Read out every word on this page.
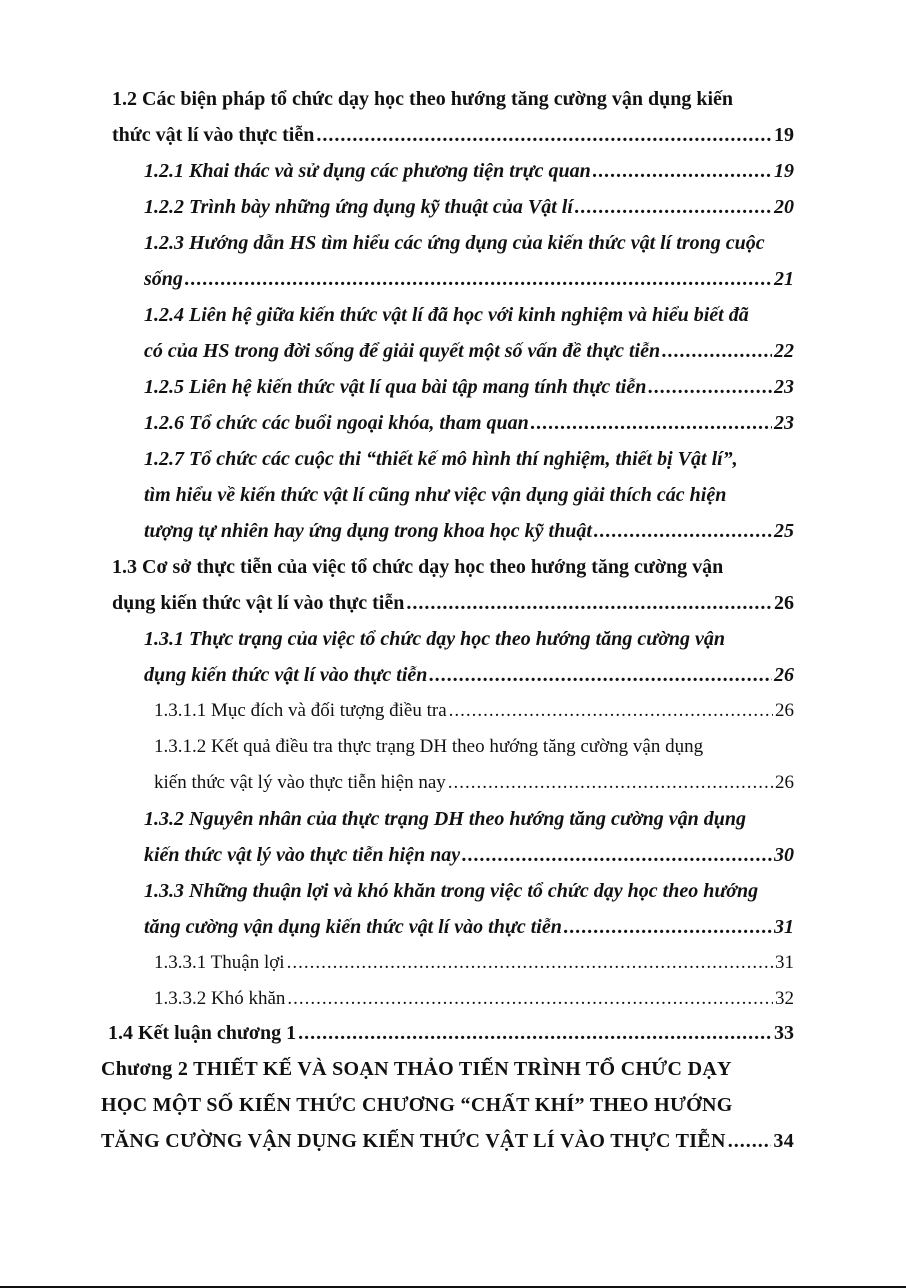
1.2 Các biện pháp tổ chức dạy học theo hướng tăng cường vận dụng kiến
thức vật lí vào thực tiễn .....	19
1.2.1 Khai thác và sử dụng các phương tiện trực quan .....	19
1.2.2 Trình bày những ứng dụng kỹ thuật của Vật lí .....	20
1.2.3 Hướng dẫn HS tìm hiểu các ứng dụng của kiến thức vật lí trong cuộc
sống .....	21
1.2.4 Liên hệ giữa kiến thức vật lí đã học với kinh nghiệm và hiểu biết đã
có của HS trong đời sống để giải quyết một số vấn đề thực tiễn .....	22
1.2.5 Liên hệ kiến thức vật lí qua bài tập mang tính thực tiễn .....	23
1.2.6 Tổ chức các buổi ngoại khóa, tham quan .....	23
1.2.7 Tổ chức các cuộc thi “thiết kế mô hình thí nghiệm, thiết bị Vật lí”,
tìm hiểu về kiến thức vật lí cũng như việc vận dụng giải thích các hiện
tượng tự nhiên hay ứng dụng trong khoa học kỹ thuật .....	25
1.3 Cơ sở thực tiễn của việc tổ chức dạy học theo hướng tăng cường vận
dụng kiến thức vật lí vào thực tiễn .....	26
1.3.1 Thực trạng của việc tổ chức dạy học theo hướng tăng cường vận
dụng kiến thức vật lí vào thực tiễn .....	26
1.3.1.1 Mục đích và đối tượng điều tra .....	26
1.3.1.2 Kết quả điều tra thực trạng DH theo hướng tăng cường vận dụng
kiến thức vật lý vào thực tiễn hiện nay .....	26
1.3.2 Nguyên nhân của thực trạng DH theo hướng tăng cường vận dụng
kiến thức vật lý vào thực tiễn hiện nay .....	30
1.3.3 Những thuận lợi và khó khăn trong việc tổ chức dạy học theo hướng
tăng cường vận dụng kiến thức vật lí vào thực tiễn .....	31
1.3.3.1 Thuận lợi .....	31
1.3.3.2 Khó khăn .....	32
1.4 Kết luận chương 1 .....	33
Chương 2 THIẾT KẾ VÀ SOẠN THẢO TIẾN TRÌNH TỔ CHỨC DẠY
HỌC MỘT SỐ KIẾN THỨC CHƯƠNG “CHẤT KHÍ” THEO HƯỚNG
TĂNG CƯỜNG VẬN DỤNG KIẾN THỨC VẬT LÍ VÀO THỰC TIỄN ..... 34
